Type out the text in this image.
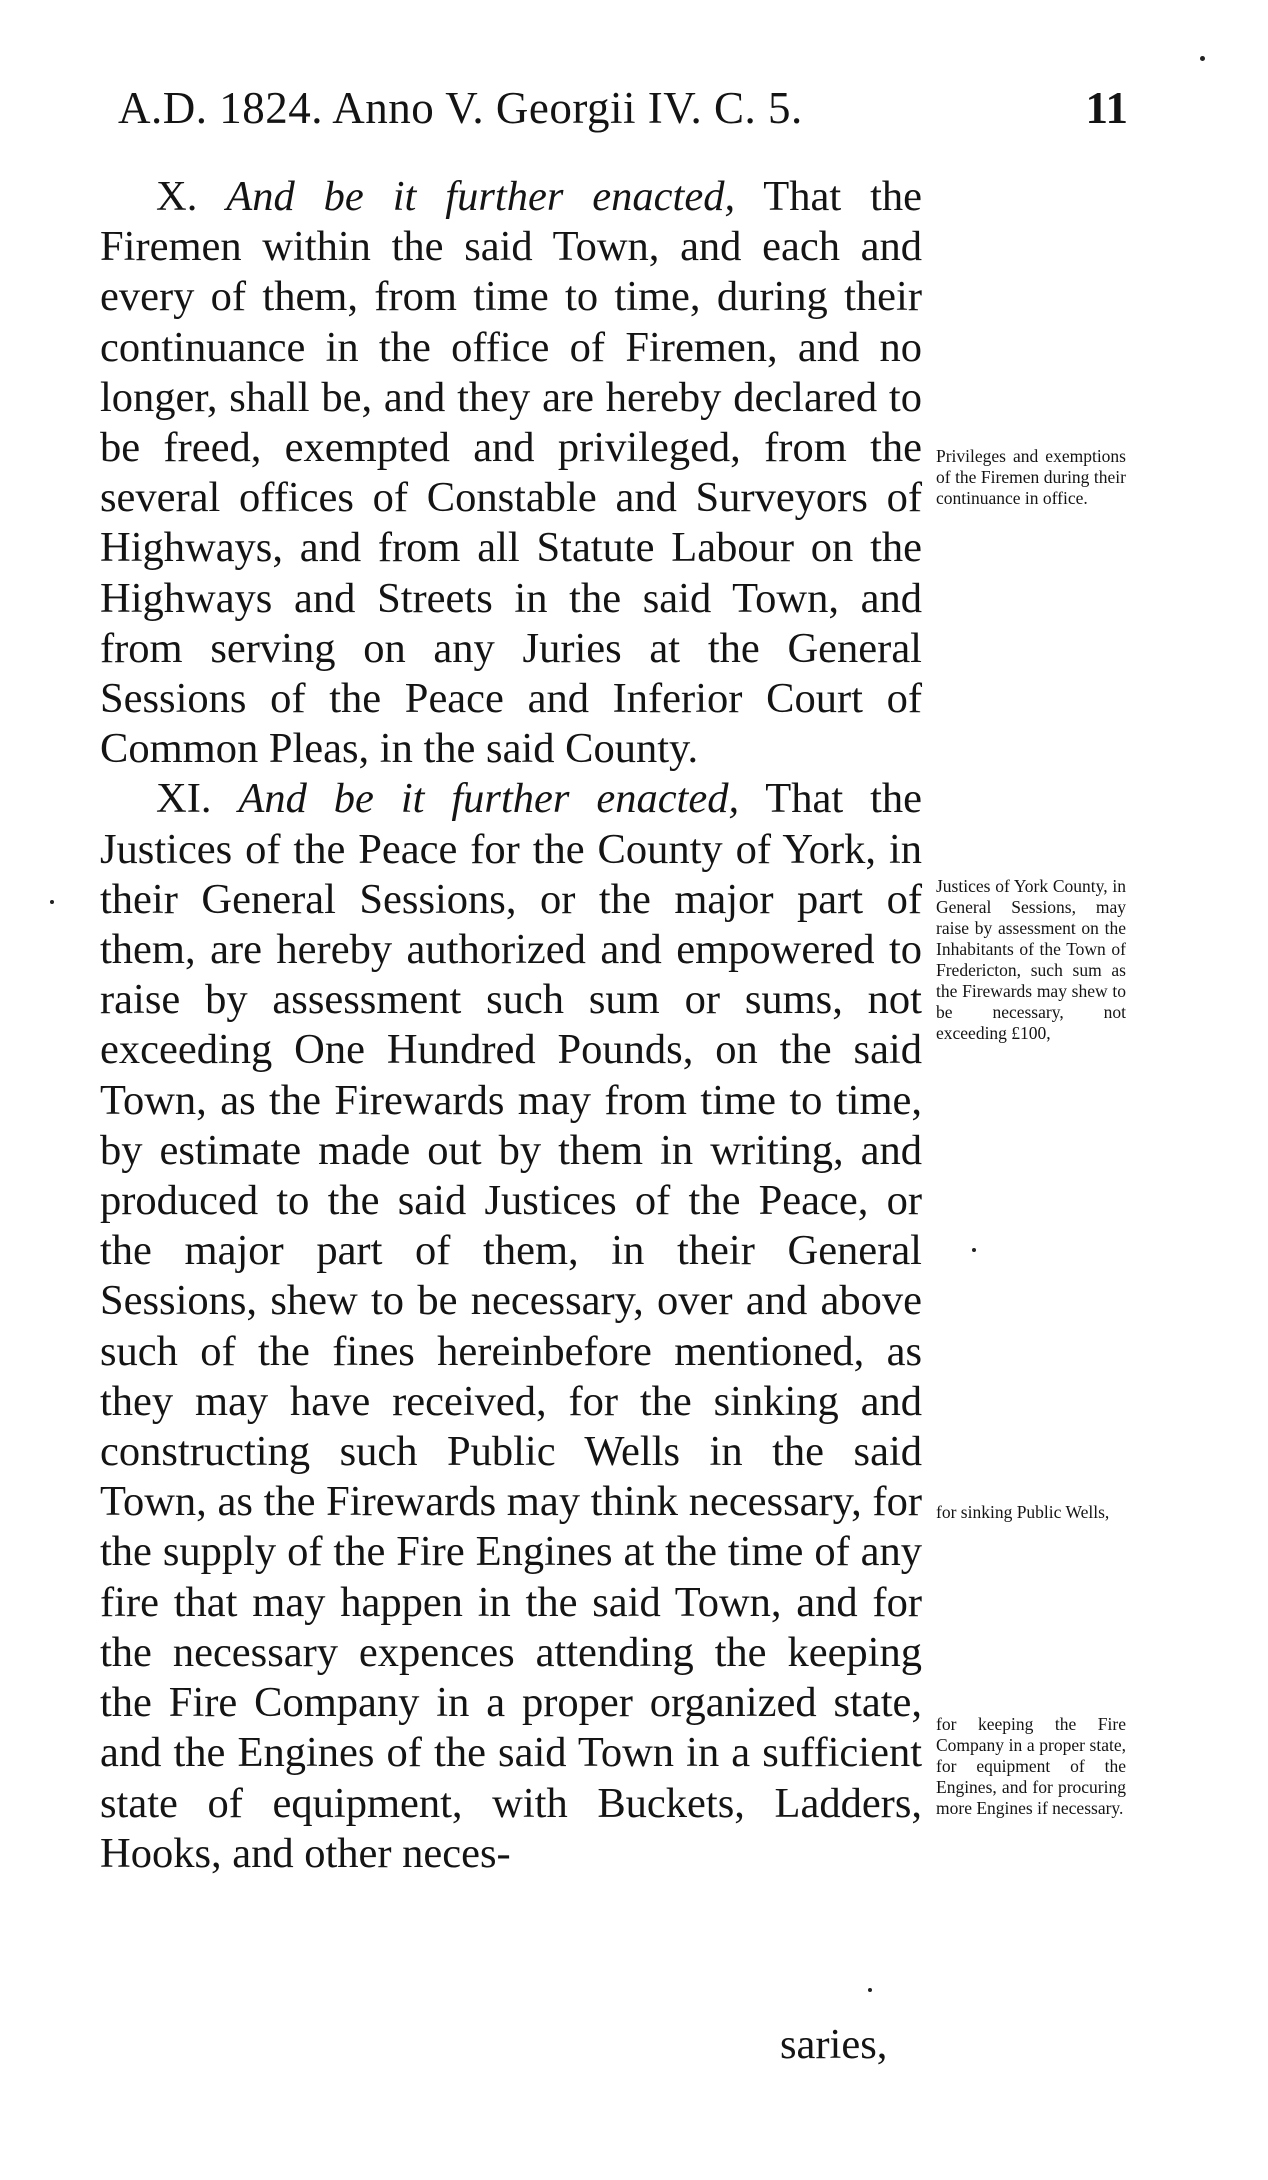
A.D. 1824. Anno V. Georgii IV. C. 5.	11

X. And be it further enacted, That the Firemen within the said Town, and each and every of them, from time to time, during their continuance in the office of Firemen, and no longer, shall be, and they are hereby declared to be freed, exempted and privileged, from the several offices of Constable and Surveyors of Highways, and from all Statute Labour on the Highways and Streets in the said Town, and from serving on any Juries at the General Sessions of the Peace and Inferior Court of Common Pleas, in the said County.

XI. And be it further enacted, That the Justices of the Peace for the County of York, in their General Sessions, or the major part of them, are hereby authorized and empowered to raise by assessment such sum or sums, not exceeding One Hundred Pounds, on the said Town, as the Firewards may from time to time, by estimate made out by them in writing, and produced to the said Justices of the Peace, or the major part of them, in their General Sessions, shew to be necessary, over and above such of the fines hereinbefore mentioned, as they may have received, for the sinking and constructing such Public Wells in the said Town, as the Firewards may think necessary, for the supply of the Fire Engines at the time of any fire that may happen in the said Town, and for the necessary expences attending the keeping the Fire Company in a proper organized state, and the Engines of the said Town in a sufficient state of equipment, with Buckets, Ladders, Hooks, and other neces-

saries,
Privileges and exemptions of the Firemen during their continuance in office.
Justices of York County, in General Sessions, may raise by assessment on the Inhabitants of the Town of Fredericton, such sum as the Firewards may shew to be necessary, not exceeding £100,
for sinking Public Wells,
for keeping the Fire Company in a proper state, for equipment of the Engines, and for procuring more Engines if necessary.
